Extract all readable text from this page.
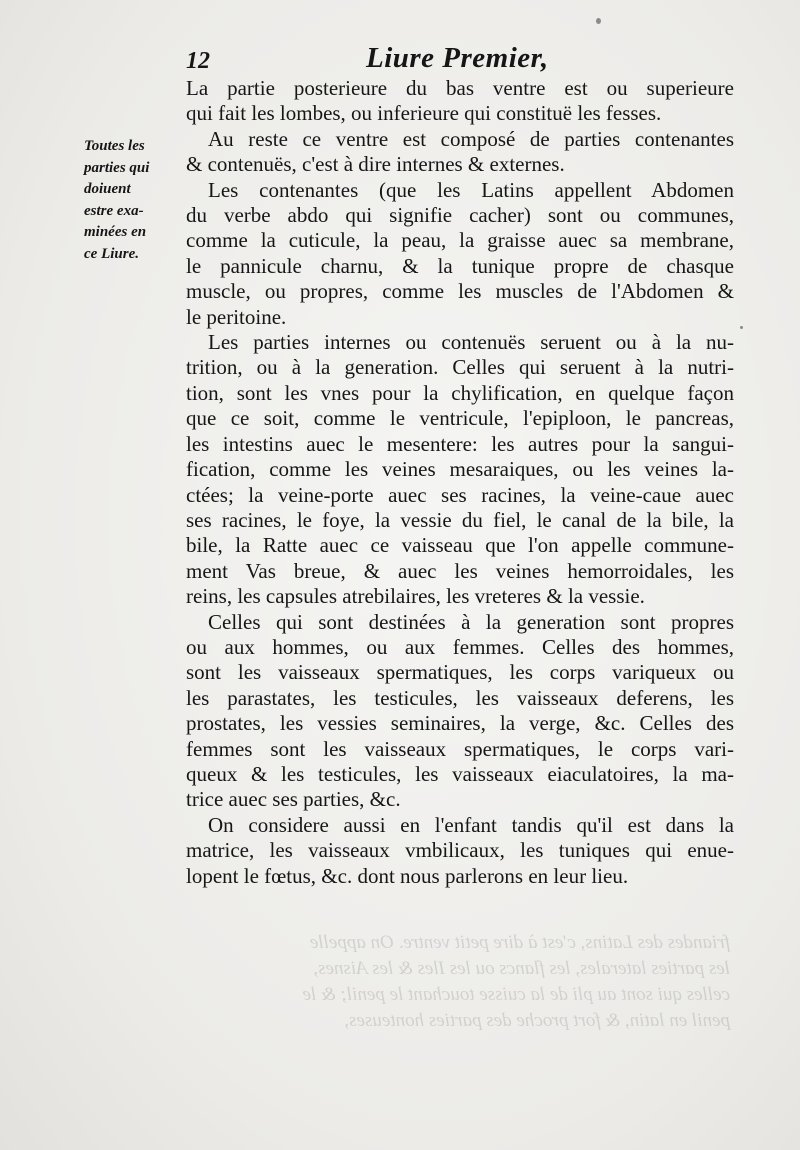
12	Liure Premier,
Toutes les
parties qui
doiuent
estre exa-
minées en
ce Liure.
La partie posterieure du bas ventre est ou superieure
qui fait les lombes, ou inferieure qui constituë les fesses.
Au reste ce ventre est composé de parties contenantes
& contenuës, c'est à dire internes & externes.
Les contenantes (que les Latins appellent Abdomen
du verbe abdo qui signifie cacher) sont ou communes,
comme la cuticule, la peau, la graisse auec sa membrane,
le pannicule charnu, & la tunique propre de chasque
muscle, ou propres, comme les muscles de l'Abdomen &
le peritoine.
Les parties internes ou contenuës seruent ou à la nu-
trition, ou à la generation. Celles qui seruent à la nutri-
tion, sont les vnes pour la chylification, en quelque façon
que ce soit, comme le ventricule, l'epiploon, le pancreas,
les intestins auec le mesentere: les autres pour la sangui-
fication, comme les veines mesaraiques, ou les veines la-
ctées; la veine-porte auec ses racines, la veine-caue auec
ses racines, le foye, la vessie du fiel, le canal de la bile, la
bile, la Ratte auec ce vaisseau que l'on appelle commune-
ment Vas breue, & auec les veines hemorroidales, les
reins, les capsules atrebilaires, les vreteres & la vessie.
Celles qui sont destinées à la generation sont propres
ou aux hommes, ou aux femmes. Celles des hommes,
sont les vaisseaux spermatiques, les corps variqueux ou
les parastates, les testicules, les vaisseaux deferens, les
prostates, les vessies seminaires, la verge, &c. Celles des
femmes sont les vaisseaux spermatiques, le corps vari-
queux & les testicules, les vaisseaux eiaculatoires, la ma-
trice auec ses parties, &c.
On considere aussi en l'enfant tandis qu'il est dans la
matrice, les vaisseaux vmbilicaux, les tuniques qui enue-
lopent le fœtus, &c. dont nous parlerons en leur lieu.
friandes des Latins, c'est à dire petit ventre. On appelle
les parties laterales, les flancs ou les Iles & les Aisnes,
celles qui sont au pli de la cuisse touchant le penil; & le
penil en latin, & fort proche des parties honteuses,
